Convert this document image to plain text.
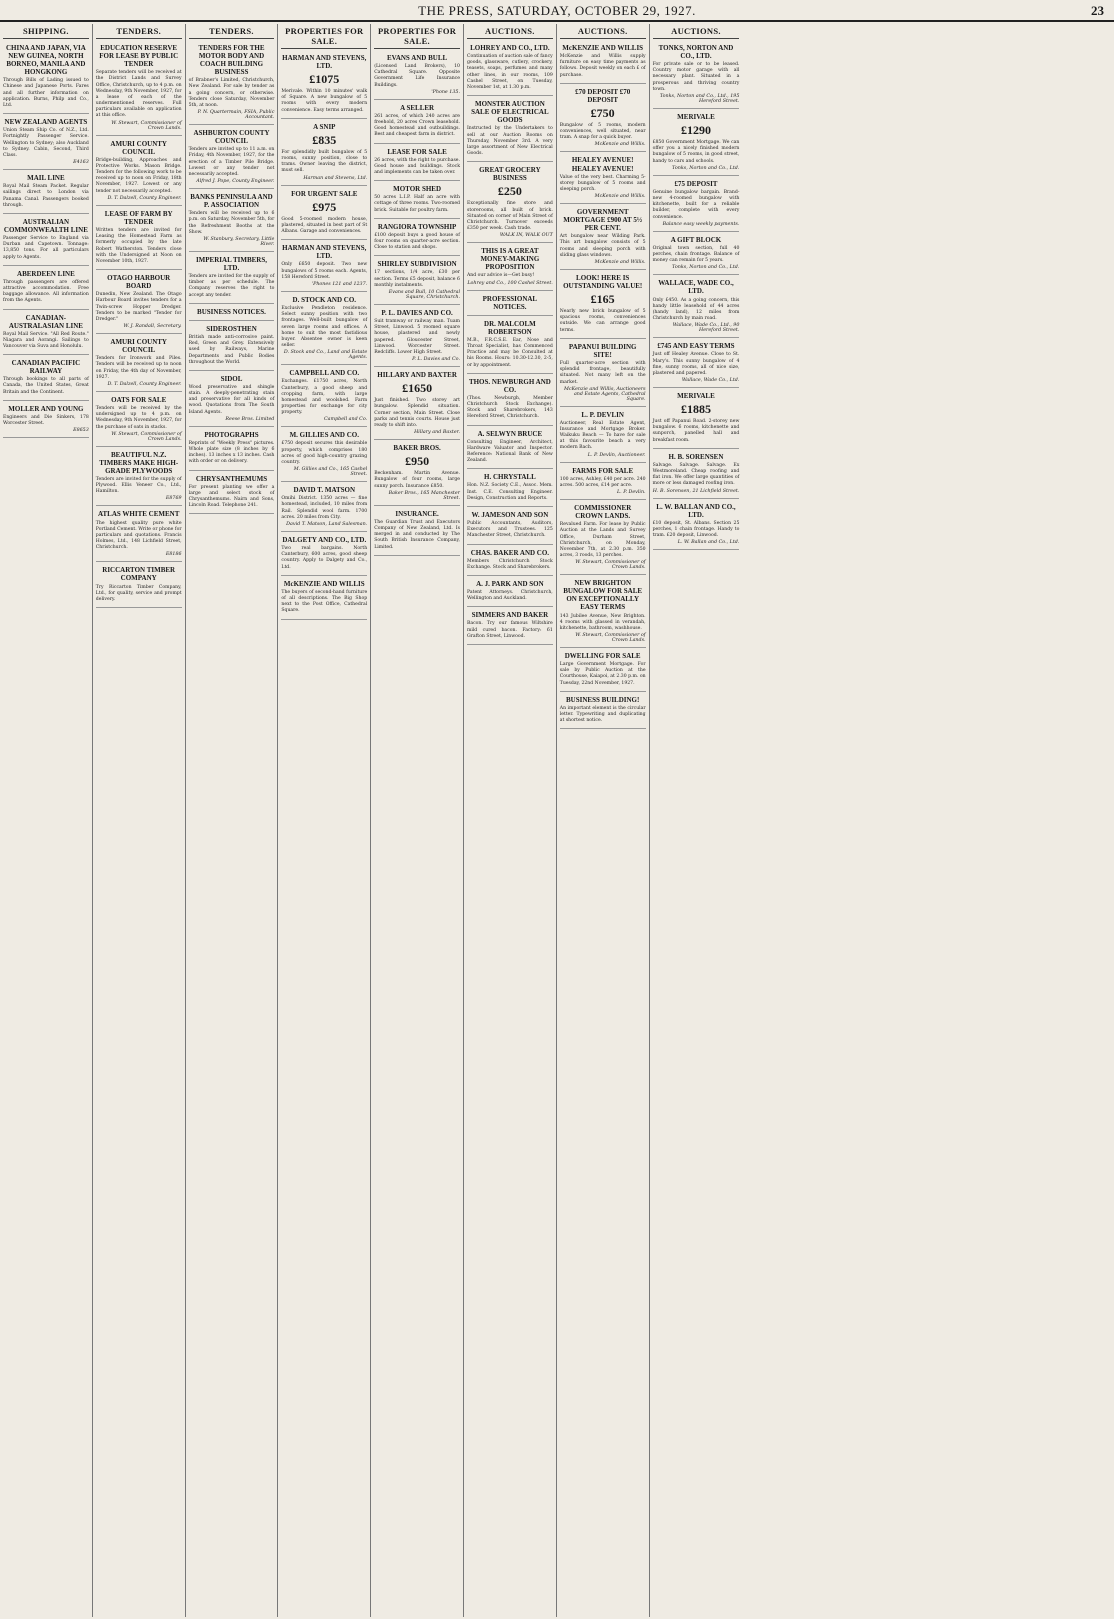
THE PRESS, SATURDAY, OCTOBER 29, 1927.	23
SHIPPING.
CHINA AND JAPAN, VIA NEW GUINEA, NORTH BORNEO, MANILA AND HONGKONG
Through Bills of Lading issued to Chinese and Japanese Ports. Fares and all further information on application. Burns, Philp and Co., Ltd.
NEW ZEALAND AGENTS
Union Steam Ship Co. of N.Z., Ltd. Fortnightly Passenger Service. Wellington to Sydney; also Auckland to Sydney. Cabin, Second, Third Class.
E4163
MAIL LINE
Royal Mail Steam Packet. Regular sailings direct to London via Panama Canal. Passengers booked through.
AUSTRALIAN COMMONWEALTH LINE
Passenger Service to England via Durban and Capetown. Tonnage: 13,850 tons. For all particulars apply to Agents.
ABERDEEN LINE
Through passengers are offered attractive accommodation. Free baggage allowance. All information from the Agents.
CANADIAN-AUSTRALASIAN LINE
Royal Mail Service. "All Red Route." Niagara and Aorangi. Sailings to Vancouver via Suva and Honolulu.
CANADIAN PACIFIC RAILWAY
Through bookings to all parts of Canada, the United States, Great Britain and the Continent.
MOLLER AND YOUNG
Engineers and Die Sinkers, 178 Worcester Street.
E8653
TENDERS.
EDUCATION RESERVE FOR LEASE BY PUBLIC TENDER
Separate tenders will be received at the District Lands and Survey Office, Christchurch, up to 4 p.m. on Wednesday, 9th November, 1927, for a lease of each of the undermentioned reserves. Full particulars available on application at this office.
W. Stewart, Commissioner of Crown Lands.
AMURI COUNTY COUNCIL
Bridge-building, Approaches and Protective Works. Mason Bridge. Tenders for the following work to be received up to noon on Friday, 18th November, 1927. Lowest or any tender not necessarily accepted.
D. T. Dalzell, County Engineer.
LEASE OF FARM BY TENDER
Written tenders are invited for Leasing the Homestead Farm as formerly occupied by the late Robert Watherston. Tenders close with the Undersigned at Noon on November 10th, 1927.
OTAGO HARBOUR BOARD
Dunedin, New Zealand. The Otago Harbour Board invites tenders for a Twin-screw Hopper Dredger. Tenders to be marked "Tender for Dredger."
W. J. Randall, Secretary.
AMURI COUNTY COUNCIL
Tenders for Ironwork and Piles. Tenders will be received up to noon on Friday, the 4th day of November, 1927.
D. T. Dalzell, County Engineer.
OATS FOR SALE
Tenders will be received by the undersigned up to 4 p.m. on Wednesday, 9th November, 1927, for the purchase of oats in stacks.
W. Stewart, Commissioner of Crown Lands.
BEAUTIFUL N.Z. TIMBERS MAKE HIGH-GRADE PLYWOODS
Tenders are invited for the supply of Plywood. Ellis Veneer Co., Ltd., Hamilton.
E8769
ATLAS WHITE CEMENT
The highest quality pure white Portland Cement. Write or phone for particulars and quotations. Francis Holmes, Ltd., 148 Lichfield Street, Christchurch.
E8186
RICCARTON TIMBER COMPANY
Try Riccarton Timber Company, Ltd., for quality, service and prompt delivery.
TENDERS.
TENDERS FOR THE MOTOR BODY AND COACH BUILDING BUSINESS
of Brabner's Limited, Christchurch, New Zealand. For sale by tender as a going concern, or otherwise. Tenders close Saturday, November 5th, at noon.
P. N. Quartermain, FSIA, Public Accountant.
ASHBURTON COUNTY COUNCIL
Tenders are invited up to 11 a.m. on Friday, 4th November, 1927, for the erection of a Timber Pile Bridge. Lowest or any tender not necessarily accepted.
Alfred J. Pope, County Engineer.
BANKS PENINSULA AND P. ASSOCIATION
Tenders will be received up to 6 p.m. on Saturday, November 5th, for the Refreshment Booths at the Show.
W. Stanbury, Secretary, Little River.
IMPERIAL TIMBERS, LTD.
Tenders are invited for the supply of timber as per schedule. The Company reserves the right to accept any tender.
BUSINESS NOTICES.
SIDEROSTHEN
British made anti-corrosive paint. Red, Green and Grey. Extensively used by Railways, Marine Departments and Public Bodies throughout the World.
SIDOL
Wood preservative and shingle stain. A deeply-penetrating stain and preservative for all kinds of wood. Quotations from The South Island Agents.
Reese Bros. Limited
PHOTOGRAPHS
Reprints of "Weekly Press" pictures. Whole plate size (8 inches by 6 inches). 13 inches x 13 inches. Cash with order or on delivery.
CHRYSANTHEMUMS
For present planting we offer a large and select stock of Chrysanthemums. Nairn and Sons, Lincoln Road. Telephone 241.
PROPERTIES FOR SALE.
HARMAN AND STEVENS, LTD.
£1075
Merivale. Within 10 minutes' walk of Square. A new bungalow of 5 rooms with every modern convenience. Easy terms arranged.
A SNIP
£835
For splendidly built bungalow of 5 rooms, sunny position, close to trams. Owner leaving the district, must sell.
Harman and Stevens, Ltd.
FOR URGENT SALE
£975
Good 5-roomed modern house, plastered, situated in best part of St Albans. Garage and conveniences.
HARMAN AND STEVENS, LTD.
Only £650 deposit. Two new bungalows of 5 rooms each. Agents, 158 Hereford Street.
'Phones 121 and 1237.
D. STOCK AND CO.
Exclusive Pendleton residence. Select sunny position with two frontages. Well-built bungalow of seven large rooms and offices. A home to suit the most fastidious buyer. Absentee owner is keen seller.
D. Stock and Co., Land and Estate Agents.
CAMPBELL AND CO.
Exchanges. £1750 acres, North Canterbury, a good sheep and cropping farm, with large homestead and woolshed. Farm properties for exchange for city property.
Campbell and Co.
M. GILLIES AND CO.
£750 deposit secures this desirable property, which comprises 180 acres of good high-country grazing country.
M. Gillies and Co., 165 Cashel Street.
DAVID T. MATSON
Omihi District. 1350 acres — fine homestead, included, 10 miles from Rail. Splendid wool farm. 1700 acres. 20 miles from City.
David T. Matson, Land Salesman.
DALGETY AND CO., LTD.
Two real bargains. North Canterbury, 600 acres, good sheep country. Apply to Dalgety and Co., Ltd.
McKENZIE AND WILLIS
The buyers of second-hand furniture of all descriptions. The Big Shop next to the Post Office, Cathedral Square.
PROPERTIES FOR SALE.
EVANS AND BULL
(Licensed Land Brokers), 10 Cathedral Square. Opposite Government Life Insurance Buildings.
'Phone 135.
A SELLER
261 acres, of which 240 acres are freehold, 20 acres Crown leasehold. Good homestead and outbuildings. Best and cheapest farm in district.
LEASE FOR SALE
26 acres, with the right to purchase. Good house and buildings. Stock and implements can be taken over.
MOTOR SHED
50 acres L.I.P. Half an acre with cottage of three rooms. Two-roomed brick. Suitable for poultry farm.
RANGIORA TOWNSHIP
£100 deposit buys a good house of four rooms on quarter-acre section. Close to station and shops.
SHIRLEY SUBDIVISION
17 sections, 1/4 acre, £30 per section. Terms £5 deposit, balance 6 monthly instalments.
Evans and Bull, 10 Cathedral Square, Christchurch.
P. L. DAVIES AND CO.
Suit tramway or railway man. Tuam Street, Linwood. 5 roomed square house, plastered and newly papered. Gloucester Street, Linwood. Worcester Street. Redcliffs. Lower High Street.
P. L. Davies and Co.
HILLARY AND BAXTER
£1650
Just finished. Two storey art bungalow. Splendid situation. Corner section, Main Street. Close parks and tennis courts. House just ready to shift into.
Hillary and Baxter.
BAKER BROS.
£950
Beckenham. Martin Avenue. Bungalow of four rooms, large sunny porch. Insurance £850.
Baker Bros., 165 Manchester Street.
INSURANCE.
The Guardian Trust and Executors Company of New Zealand, Ltd. Is merged in and conducted by The South British Insurance Company, Limited.
AUCTIONS.
LOHREY AND CO., LTD.
Continuation of auction sale of fancy goods, glassware, cutlery, crockery, teasets, soaps, perfumes and many other lines, in our rooms, 109 Cashel Street, on Tuesday, November 1st, at 1.30 p.m.
MONSTER AUCTION SALE OF ELECTRICAL GOODS
Instructed by the Undertakers to sell at our Auction Rooms on Thursday, November 3rd. A very large assortment of New Electrical Goods.
GREAT GROCERY BUSINESS
£250
Exceptionally fine store and storerooms, all built of brick. Situated on corner of Main Street of Christchurch. Turnover exceeds £350 per week. Cash trade.
WALK IN, WALK OUT
THIS IS A GREAT MONEY-MAKING PROPOSITION
And our advice is—Get busy!
Lohrey and Co., 100 Cashel Street.
PROFESSIONAL NOTICES.
DR. MALCOLM ROBERTSON
M.B., F.R.C.S.E. Ear, Nose and Throat Specialist, has Commenced Practice and may be Consulted at his Rooms. Hours: 10.30-12.30, 2-5, or by appointment.
THOS. NEWBURGH AND CO.
(Thos. Newburgh, Member Christchurch Stock Exchange). Stock and Sharebrokers, 143 Hereford Street, Christchurch.
A. SELWYN BRUCE
Consulting Engineer, Architect, Hardware Valuator and Inspector. Reference: National Bank of New Zealand.
H. CHRYSTALL
Hon. N.Z. Society C.E., Assoc. Mem. Inst. C.E. Consulting Engineer. Design, Construction and Reports.
W. JAMESON AND SON
Public Accountants, Auditors, Executors and Trustees. 125 Manchester Street, Christchurch.
CHAS. BAKER AND CO.
Members Christchurch Stock Exchange. Stock and Sharebrokers.
A. J. PARK AND SON
Patent Attorneys. Christchurch, Wellington and Auckland.
SIMMERS AND BAKER
Bacon. Try our famous Wiltshire mild cured bacon. Factory: 61 Grafton Street, Linwood.
AUCTIONS.
McKENZIE AND WILLIS
McKenzie and Willis supply furniture on easy time payments as follows. Deposit weekly on each £ of purchase.
£70 DEPOSIT £70 DEPOSIT
£750
Bungalow of 5 rooms, modern conveniences, well situated, near tram. A snap for a quick buyer.
McKenzie and Willis.
HEALEY AVENUE! HEALEY AVENUE!
Value of the very best. Charming 5-storey bungalow of 5 rooms and sleeping porch.
McKenzie and Willis.
GOVERNMENT MORTGAGE £900 AT 5½ PER CENT.
Art bungalow near Wilding Park. This art bungalow consists of 5 rooms and sleeping porch with sliding glass windows.
McKenzie and Willis.
LOOK! HERE IS OUTSTANDING VALUE!
£165
Nearly new brick bungalow of 5 spacious rooms, conveniences outside. We can arrange good terms.
PAPANUI BUILDING SITE!
Full quarter-acre section with splendid frontage, beautifully situated. Not many left on the market.
McKenzie and Willis, Auctioneers and Estate Agents, Cathedral Square.
L. P. DEVLIN
Auctioneer, Real Estate Agent, Insurance and Mortgage Broker. Waikuku Beach — To have for sale at this favourite beach a very modern Bach.
L. P. Devlin, Auctioneer.
FARMS FOR SALE
100 acres, Ashley, £40 per acre. 240 acres. 500 acres, £14 per acre.
L. P. Devlin.
COMMISSIONER CROWN LANDS.
Revalued Farm. For lease by Public Auction at the Lands and Survey Office, Durham Street, Christchurch, on Monday, November 7th, at 2.30 p.m. 350 acres, 3 roods, 13 perches.
W. Stewart, Commissioner of Crown Lands.
NEW BRIGHTON BUNGALOW FOR SALE ON EXCEPTIONALLY EASY TERMS
143 Jubilee Avenue, New Brighton. 4 rooms with glassed in verandah, kitchenette, bathroom, washhouse.
W. Stewart, Commissioner of Crown Lands.
DWELLING FOR SALE
Large Government Mortgage. For sale by Public Auction at the Courthouse, Kaiapoi, at 2.30 p.m. on Tuesday, 22nd November, 1927.
BUSINESS BUILDING!
An important element is the circular letter. Typewriting and duplicating at shortest notice.
AUCTIONS.
TONKS, NORTON AND CO., LTD.
For private sale or to be leased. Country motor garage with all necessary plant. Situated in a prosperous and thriving country town.
Tonks, Norton and Co., Ltd., 195 Hereford Street.
MERIVALE
£1290
£850 Government Mortgage. We can offer you a nicely finished modern bungalow of 5 rooms, in good street, handy to cars and schools.
Tonks, Norton and Co., Ltd.
£75 DEPOSIT
Genuine bungalow bargain. Brand-new 4-roomed bungalow with kitchenette, built for a reliable builder, complete with every convenience.
Balance easy weekly payments.
A GIFT BLOCK
Original town section, full 40 perches, chain frontage. Balance of money can remain for 5 years.
Tonks, Norton and Co., Ltd.
WALLACE, WADE CO., LTD.
Only £450. As a going concern, this handy little leasehold of 44 acres (handy land), 12 miles from Christchurch by main road.
Wallace, Wade Co., Ltd., 90 Hereford Street.
£745 AND EASY TERMS
Just off Healey Avenue. Close to St. Mary's. This sunny bungalow of 4 fine, sunny rooms, all of nice size, plastered and papered.
Wallace, Wade Co., Ltd.
MERIVALE
£1885
Just off Papanui Road. 2-storey new bungalow. 6 rooms, kitchenette and sunporch, panelled hall and breakfast room.
H. B. SORENSEN
Salvage. Salvage. Salvage. Ex Westmoreland. Cheap roofing and flat iron. We offer large quantities of more or less damaged roofing iron.
H. B. Sorensen, 21 Lichfield Street.
L. W. BALLAN AND CO., LTD.
£10 deposit, St. Albans. Section 25 perches, 1 chain frontage. Handy to tram. £20 deposit, Linwood.
L. W. Ballan and Co., Ltd.
